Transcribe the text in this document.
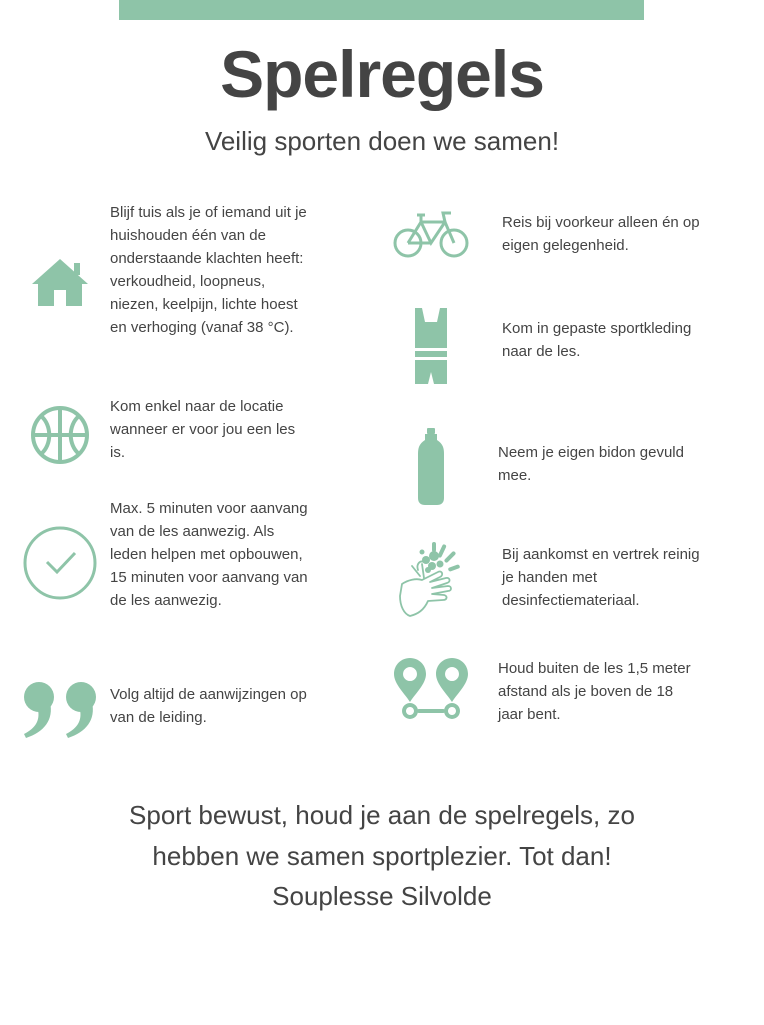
Spelregels
Veilig sporten doen we samen!
Blijf tuis als je of iemand uit je huishouden één van de onderstaande klachten heeft: verkoudheid, loopneus, niezen, keelpijn, lichte hoest en verhoging (vanaf 38 °C).
Kom enkel naar de locatie wanneer er voor jou een les is.
Max. 5 minuten voor aanvang van de les aanwezig. Als leden helpen met opbouwen, 15 minuten voor aanvang van de les aanwezig.
Volg altijd de aanwijzingen op van de leiding.
Reis bij voorkeur alleen én op eigen gelegenheid.
Kom in gepaste sportkleding naar de les.
Neem je eigen bidon gevuld mee.
Bij aankomst en vertrek reinig je handen met desinfectiemateriaal.
Houd buiten de les 1,5 meter afstand als je boven de 18 jaar bent.
Sport bewust, houd je aan de spelregels, zo
hebben we samen sportplezier. Tot dan!
Souplesse Silvolde
